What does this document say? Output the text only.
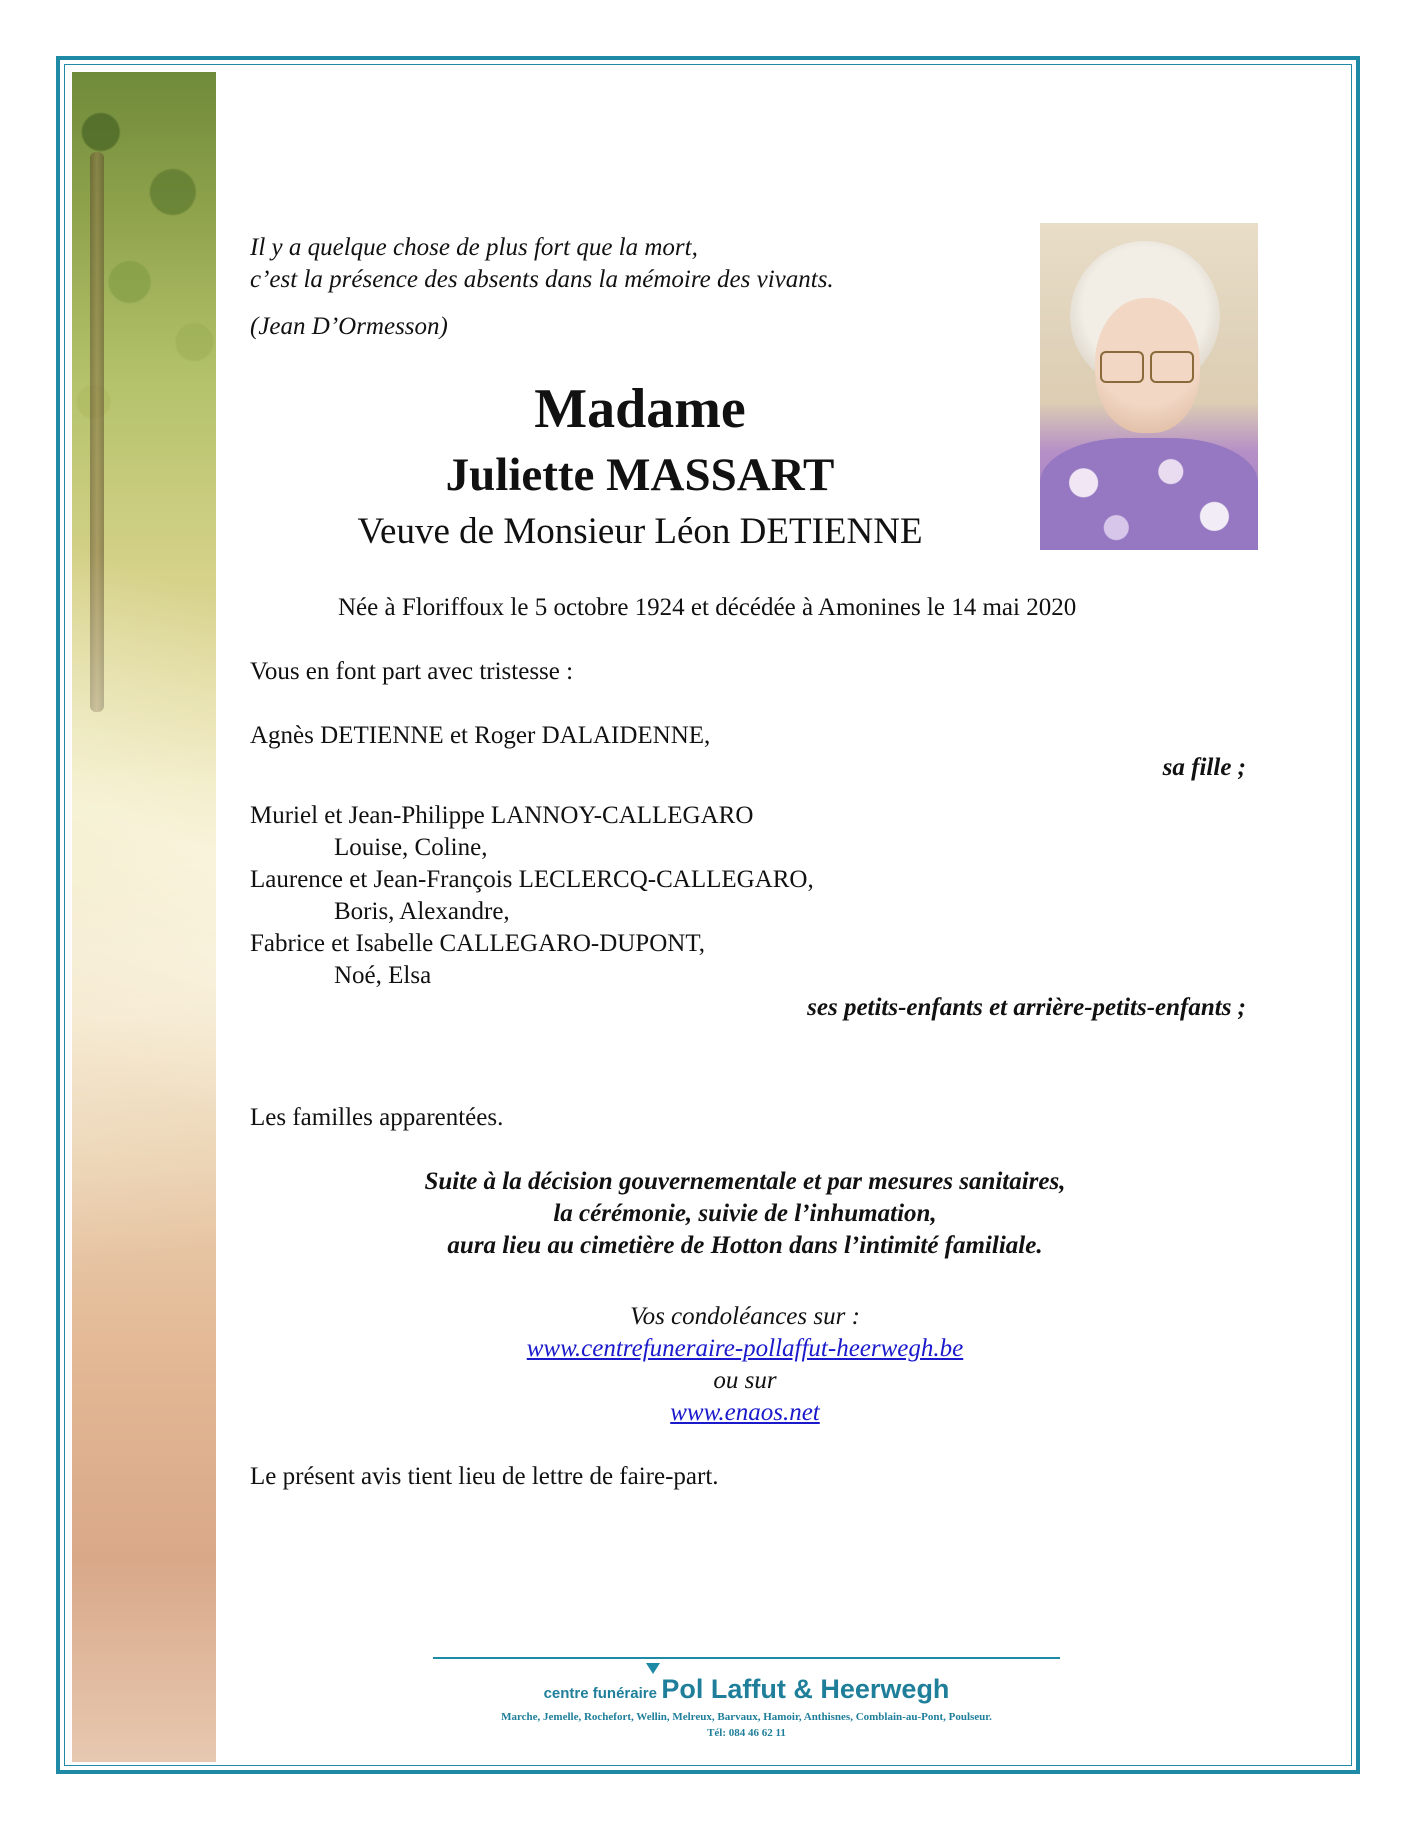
Il y a quelque chose de plus fort que la mort,
c’est la présence des absents dans la mémoire des vivants.
(Jean D’Ormesson)
Madame
Juliette MASSART
Veuve de Monsieur Léon DETIENNE
Née à Floriffoux le 5 octobre 1924 et décédée à Amonines le 14 mai 2020
Vous en font part avec tristesse :
Agnès DETIENNE et Roger DALAIDENNE,
sa fille ;
Muriel et Jean-Philippe LANNOY-CALLEGARO
Louise, Coline,
Laurence et Jean-François LECLERCQ-CALLEGARO,
Boris, Alexandre,
Fabrice et Isabelle CALLEGARO-DUPONT,
Noé, Elsa
ses petits-enfants et arrière-petits-enfants ;
Les familles apparentées.
Suite à la décision gouvernementale et par mesures sanitaires,
la cérémonie, suivie de l’inhumation,
aura lieu au cimetière de Hotton dans l’intimité familiale.
Vos condoléances sur :
www.centrefuneraire-pollaffut-heerwegh.be
ou sur
www.enaos.net
Le présent avis tient lieu de lettre de faire-part.
centre funéraire Pol Laffut & Heerwegh
Marche, Jemelle, Rochefort, Wellin, Melreux, Barvaux, Hamoir, Anthisnes, Comblain-au-Pont, Poulseur.
Tél: 084 46 62 11
